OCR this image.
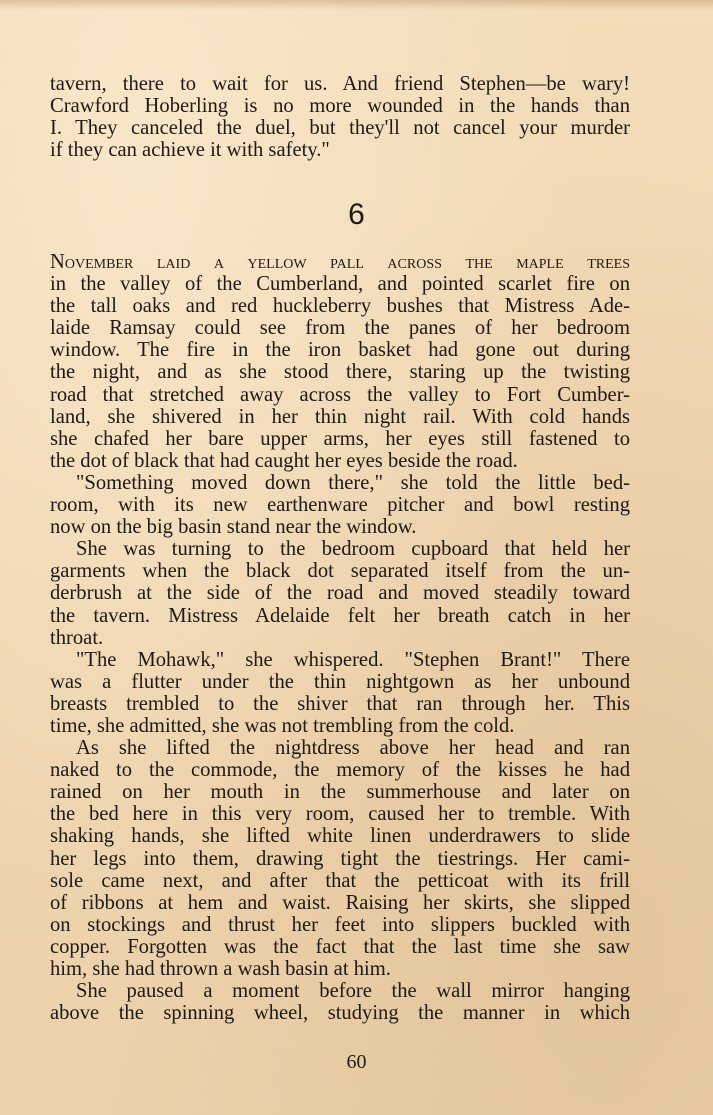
tavern, there to wait for us. And friend Stephen—be wary!
Crawford Hoberling is no more wounded in the hands than
I. They canceled the duel, but they'll not cancel your murder
if they can achieve it with safety."
6
November laid a yellow pall across the maple trees
in the valley of the Cumberland, and pointed scarlet fire on
the tall oaks and red huckleberry bushes that Mistress Ade-
laide Ramsay could see from the panes of her bedroom
window. The fire in the iron basket had gone out during
the night, and as she stood there, staring up the twisting
road that stretched away across the valley to Fort Cumber-
land, she shivered in her thin night rail. With cold hands
she chafed her bare upper arms, her eyes still fastened to
the dot of black that had caught her eyes beside the road.
"Something moved down there," she told the little bed-
room, with its new earthenware pitcher and bowl resting
now on the big basin stand near the window.
She was turning to the bedroom cupboard that held her
garments when the black dot separated itself from the un-
derbrush at the side of the road and moved steadily toward
the tavern. Mistress Adelaide felt her breath catch in her
throat.
"The Mohawk," she whispered. "Stephen Brant!" There
was a flutter under the thin nightgown as her unbound
breasts trembled to the shiver that ran through her. This
time, she admitted, she was not trembling from the cold.
As she lifted the nightdress above her head and ran
naked to the commode, the memory of the kisses he had
rained on her mouth in the summerhouse and later on
the bed here in this very room, caused her to tremble. With
shaking hands, she lifted white linen underdrawers to slide
her legs into them, drawing tight the tiestrings. Her cami-
sole came next, and after that the petticoat with its frill
of ribbons at hem and waist. Raising her skirts, she slipped
on stockings and thrust her feet into slippers buckled with
copper. Forgotten was the fact that the last time she saw
him, she had thrown a wash basin at him.
She paused a moment before the wall mirror hanging
above the spinning wheel, studying the manner in which
60
